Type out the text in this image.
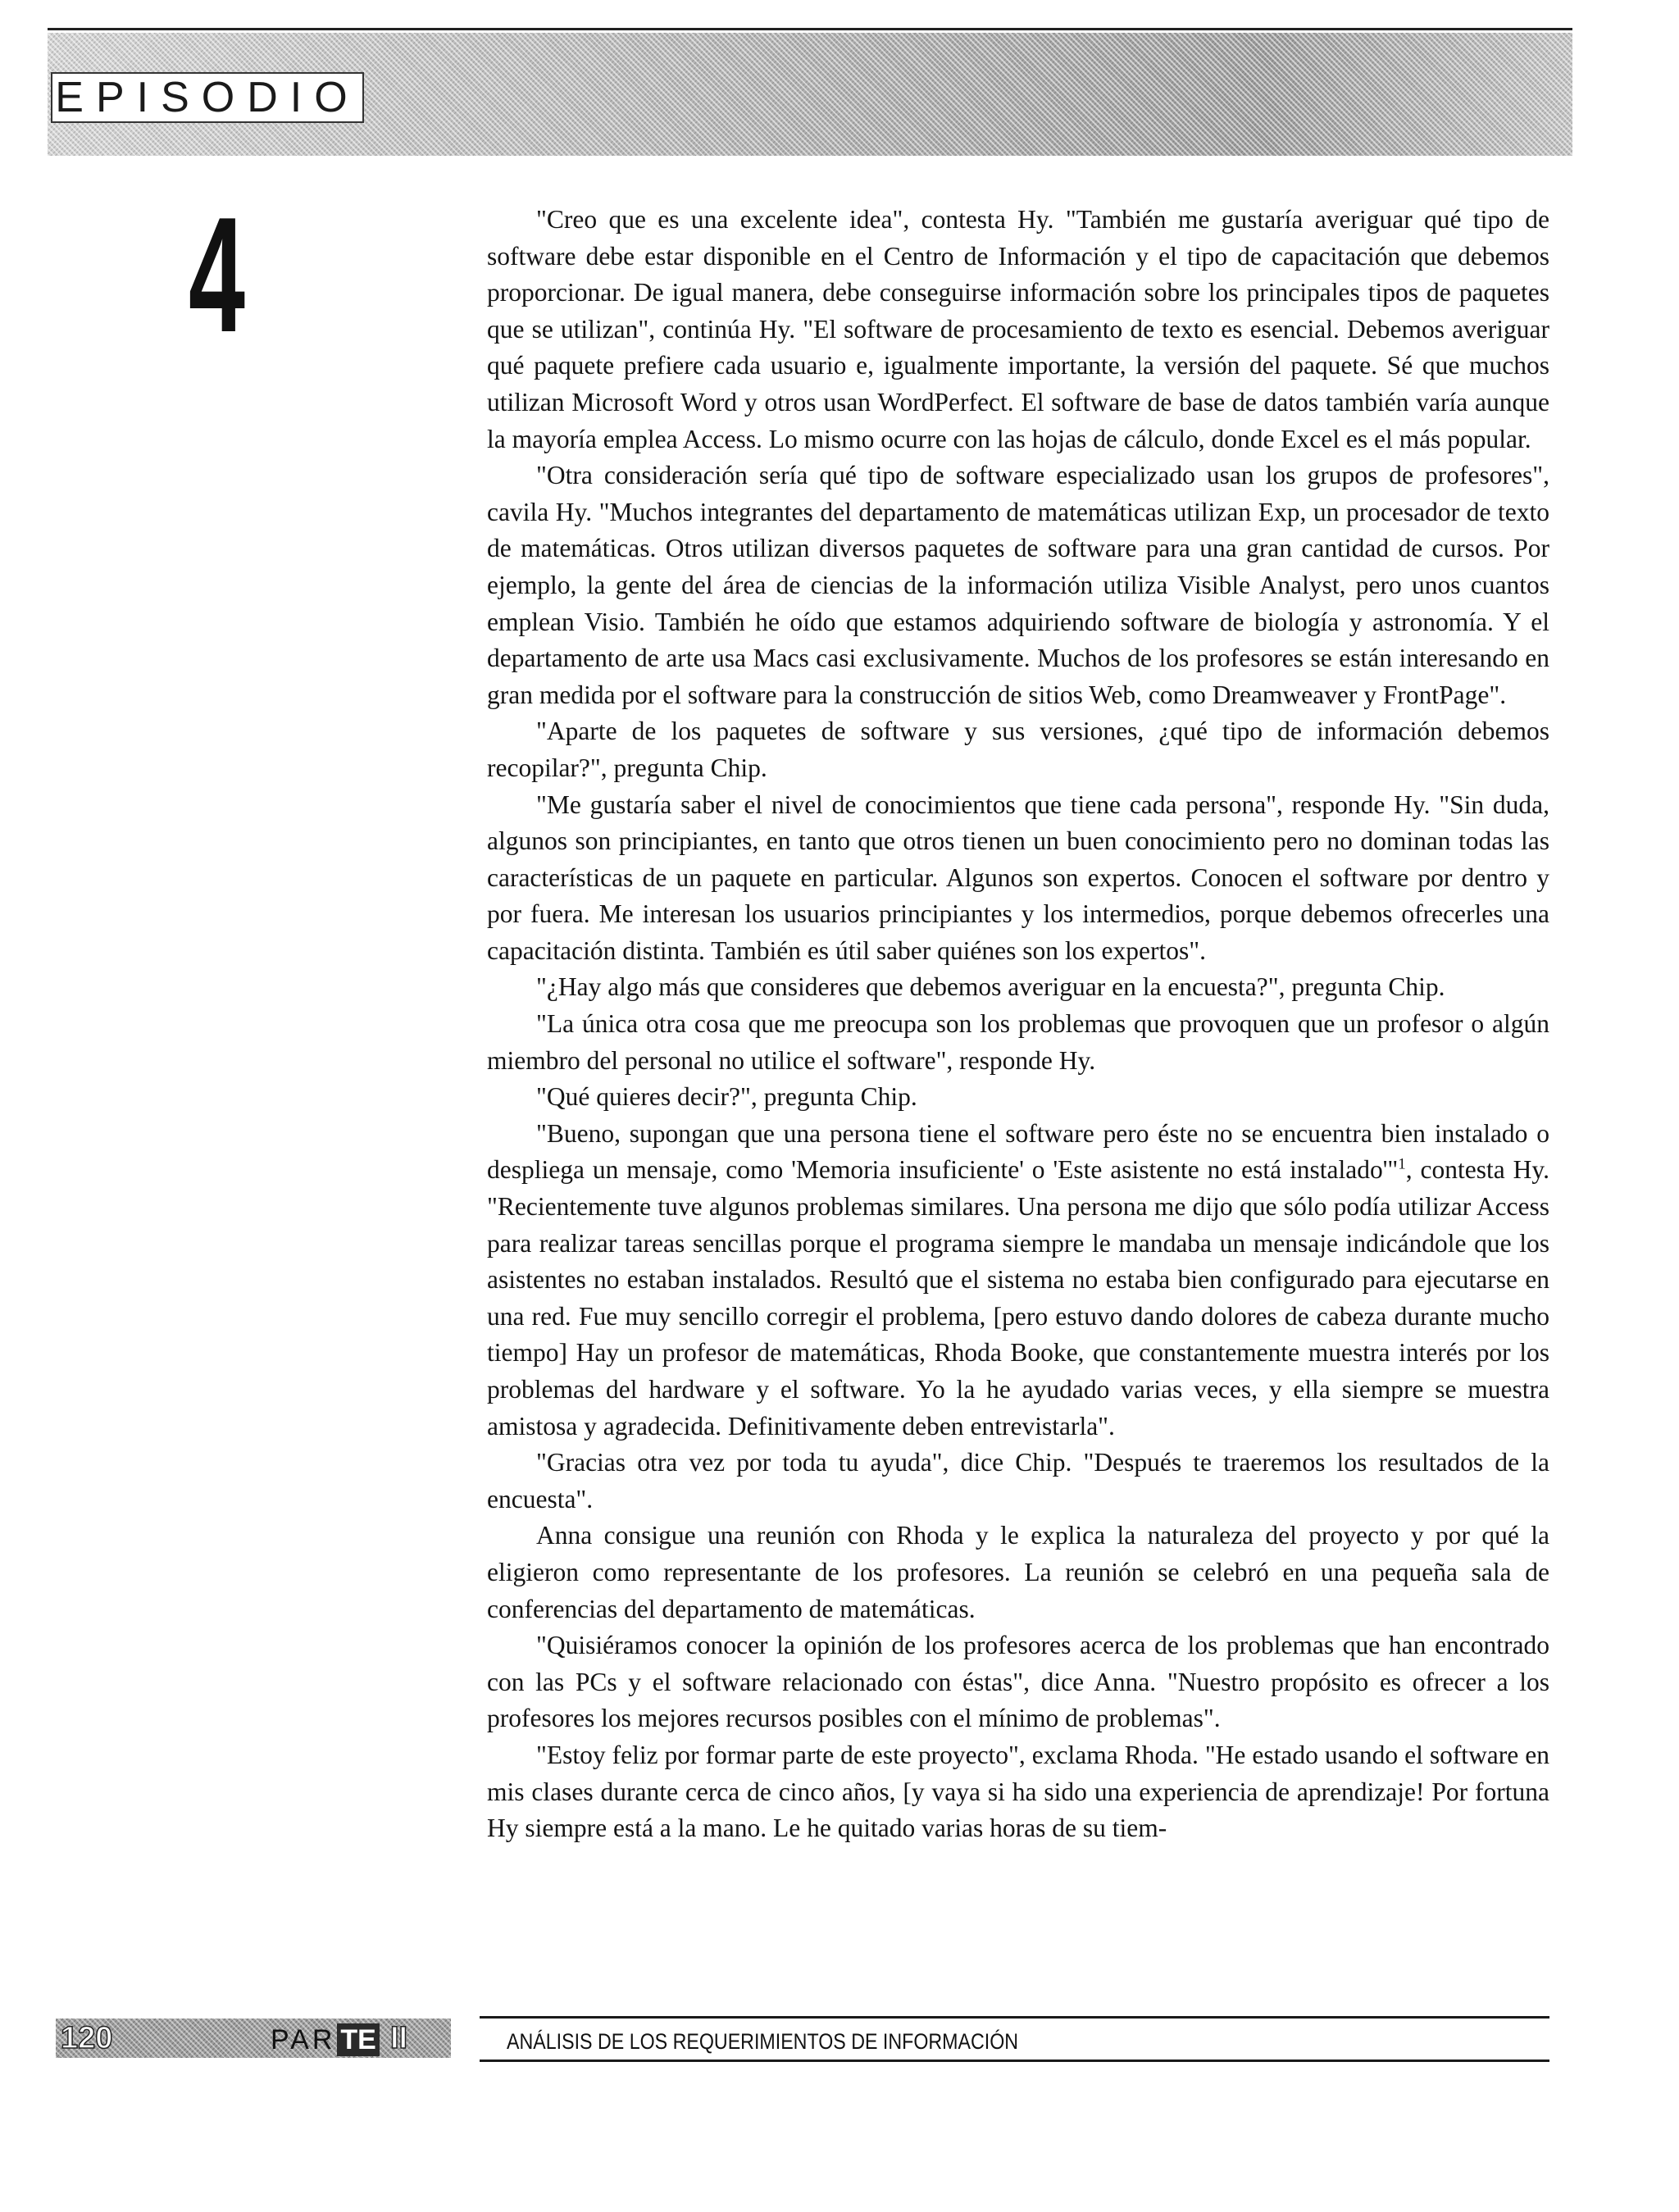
EPISODIO
4	"Creo que es una excelente idea", contesta Hy. "También me gustaría averiguar qué tipo de software debe estar disponible en el Centro de Información y el tipo de capacitación que debemos proporcionar. De igual manera, debe conseguirse información sobre los principales tipos de paquetes que se utilizan", continúa Hy. "El software de procesamiento de texto es esencial. Debemos averiguar qué paquete prefiere cada usuario e, igualmente importante, la versión del paquete. Sé que muchos utilizan Microsoft Word y otros usan WordPerfect. El software de base de datos también varía aunque la mayoría emplea Access. Lo mismo ocurre con las hojas de cálculo, donde Excel es el más popular.

"Otra consideración sería qué tipo de software especializado usan los grupos de profesores", cavila Hy. "Muchos integrantes del departamento de matemáticas utilizan Exp, un procesador de texto de matemáticas. Otros utilizan diversos paquetes de software para una gran cantidad de cursos. Por ejemplo, la gente del área de ciencias de la información utiliza Visible Analyst, pero unos cuantos emplean Visio. También he oído que estamos adquiriendo software de biología y astronomía. Y el departamento de arte usa Macs casi exclusivamente. Muchos de los profesores se están interesando en gran medida por el software para la construcción de sitios Web, como Dreamweaver y FrontPage".

"Aparte de los paquetes de software y sus versiones, ¿qué tipo de información debemos recopilar?", pregunta Chip.

"Me gustaría saber el nivel de conocimientos que tiene cada persona", responde Hy. "Sin duda, algunos son principiantes, en tanto que otros tienen un buen conocimiento pero no dominan todas las características de un paquete en particular. Algunos son expertos. Conocen el software por dentro y por fuera. Me interesan los usuarios principiantes y los intermedios, porque debemos ofrecerles una capacitación distinta. También es útil saber quiénes son los expertos".

"¿Hay algo más que consideres que debemos averiguar en la encuesta?", pregunta Chip.

"La única otra cosa que me preocupa son los problemas que provoquen que un profesor o algún miembro del personal no utilice el software", responde Hy.

"Qué quieres decir?", pregunta Chip.

"Bueno, supongan que una persona tiene el software pero éste no se encuentra bien instalado o despliega un mensaje, como 'Memoria insuficiente' o 'Este asistente no está instalado'"$^1$, contesta Hy. "Recientemente tuve algunos problemas similares. Una persona me dijo que sólo podía utilizar Access para realizar tareas sencillas porque el programa siempre le mandaba un mensaje indicándole que los asistentes no estaban instalados. Resultó que el sistema no estaba bien configurado para ejecutarse en una red. Fue muy sencillo corregir el problema, [pero estuvo dando dolores de cabeza durante mucho tiempo] Hay un profesor de matemáticas, Rhoda Booke, que constantemente muestra interés por los problemas del hardware y el software. Yo la he ayudado varias veces, y ella siempre se muestra amistosa y agradecida. Definitivamente deben entrevistarla".

"Gracias otra vez por toda tu ayuda", dice Chip. "Después te traeremos los resultados de la encuesta".

Anna consigue una reunión con Rhoda y le explica la naturaleza del proyecto y por qué la eligieron como representante de los profesores. La reunión se celebró en una pequeña sala de conferencias del departamento de matemáticas.

"Quisiéramos conocer la opinión de los profesores acerca de los problemas que han encontrado con las PCs y el software relacionado con éstas", dice Anna. "Nuestro propósito es ofrecer a los profesores los mejores recursos posibles con el mínimo de problemas".

"Estoy feliz por formar parte de este proyecto", exclama Rhoda. "He estado usando el software en mis clases durante cerca de cinco años, [y vaya si ha sido una experiencia de aprendizaje! Por fortuna Hy siempre está a la mano. Le he quitado varias horas de su tiem-

120	PAR TE II	ANÁLISIS DE LOS REQUERIMIENTOS DE INFORMACIÓN
